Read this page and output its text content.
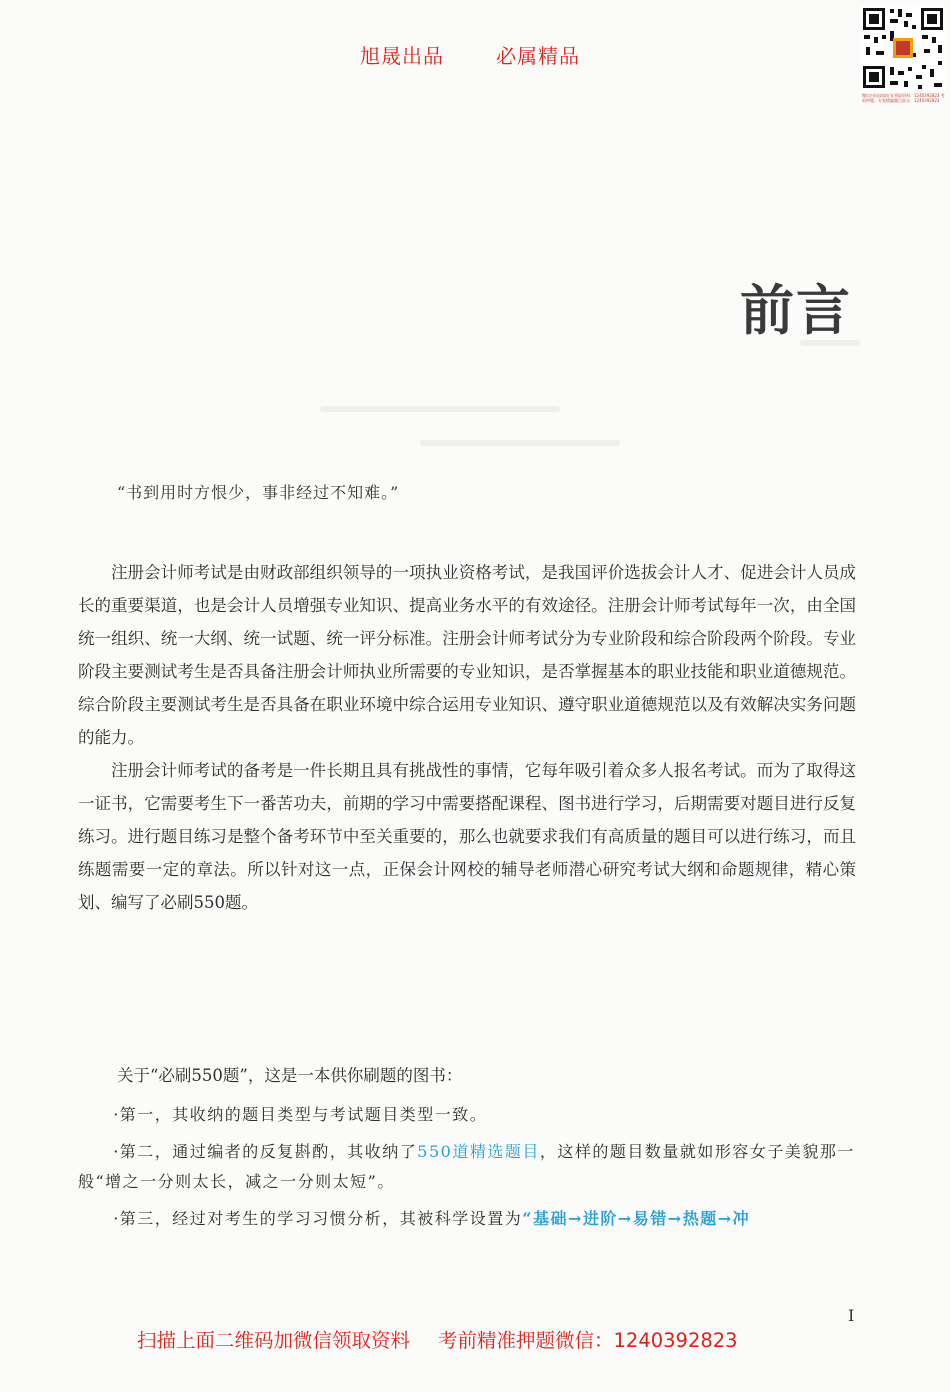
旭晟出品	必属精品
微信扫码添加好友领取资料：1240392823 考前押题，专家精编题目高分：1240392823
前言
“书到用时方恨少，事非经过不知难。”

注册会计师考试是由财政部组织领导的一项执业资格考试，是我国评价选拔会计人才、促进会计人员成长的重要渠道，也是会计人员增强专业知识、提高业务水平的有效途径。注册会计师考试每年一次，由全国统一组织、统一大纲、统一试题、统一评分标准。注册会计师考试分为专业阶段和综合阶段两个阶段。专业阶段主要测试考生是否具备注册会计师执业所需要的专业知识，是否掌握基本的职业技能和职业道德规范。综合阶段主要测试考生是否具备在职业环境中综合运用专业知识、遵守职业道德规范以及有效解决实务问题的能力。

注册会计师考试的备考是一件长期且具有挑战性的事情，它每年吸引着众多人报名考试。而为了取得这一证书，它需要考生下一番苦功夫，前期的学习中需要搭配课程、图书进行学习，后期需要对题目进行反复练习。进行题目练习是整个备考环节中至关重要的，那么也就要求我们有高质量的题目可以进行练习，而且练题需要一定的章法。所以针对这一点，正保会计网校的辅导老师潜心研究考试大纲和命题规律，精心策划、编写了必刷550题。

关于“必刷550题”，这是一本供你刷题的图书：

·第一，其收纳的题目类型与考试题目类型一致。

·第二，通过编者的反复斟酌，其收纳了550道精选题目，这样的题目数量就如形容女子美貌那一般“增之一分则太长，减之一分则太短”。

·第三，经过对考生的学习习惯分析，其被科学设置为“基础→进阶→易错→热题→冲

I
扫描上面二维码加微信领取资料 考前精准押题微信：1240392823
